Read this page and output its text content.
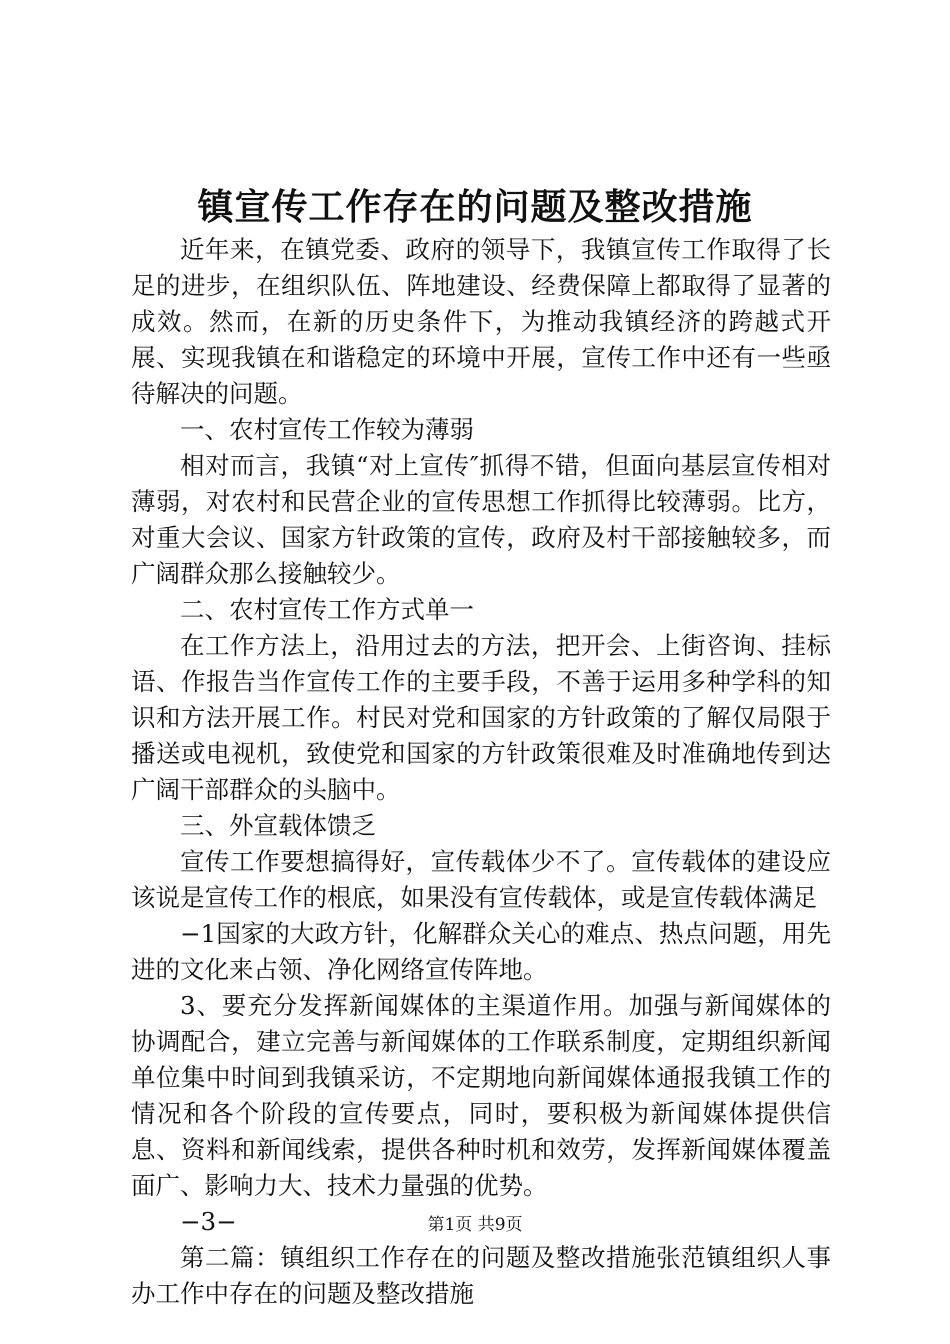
镇宣传工作存在的问题及整改措施

近年来，在镇党委、政府的领导下，我镇宣传工作取得了长足的进步，在组织队伍、阵地建设、经费保障上都取得了显著的成效。然而，在新的历史条件下，为推动我镇经济的跨越式开展、实现我镇在和谐稳定的环境中开展，宣传工作中还有一些亟待解决的问题。

一、农村宣传工作较为薄弱

相对而言，我镇“对上宣传″抓得不错，但面向基层宣传相对薄弱，对农村和民营企业的宣传思想工作抓得比较薄弱。比方，对重大会议、国家方针政策的宣传，政府及村干部接触较多，而广阔群众那么接触较少。

二、农村宣传工作方式单一

在工作方法上，沿用过去的方法，把开会、上街咨询、挂标语、作报告当作宣传工作的主要手段，不善于运用多种学科的知识和方法开展工作。村民对党和国家的方针政策的了解仅局限于播送或电视机，致使党和国家的方针政策很难及时准确地传到达广阔干部群众的头脑中。

三、外宣载体馈乏

宣传工作要想搞得好，宣传载体少不了。宣传载体的建设应该说是宣传工作的根底，如果没有宣传载体，或是宣传载体满足

−1国家的大政方针，化解群众关心的难点、热点问题，用先进的文化来占领、净化网络宣传阵地。

3、要充分发挥新闻媒体的主渠道作用。加强与新闻媒体的协调配合，建立完善与新闻媒体的工作联系制度，定期组织新闻单位集中时间到我镇采访，不定期地向新闻媒体通报我镇工作的情况和各个阶段的宣传要点，同时，要积极为新闻媒体提供信息、资料和新闻线索，提供各种时机和效劳，发挥新闻媒体覆盖面广、影响力大、技术力量强的优势。

−3−

第二篇：镇组织工作存在的问题及整改措施张范镇组织人事办工作中存在的问题及整改措施

第1页 共9页
